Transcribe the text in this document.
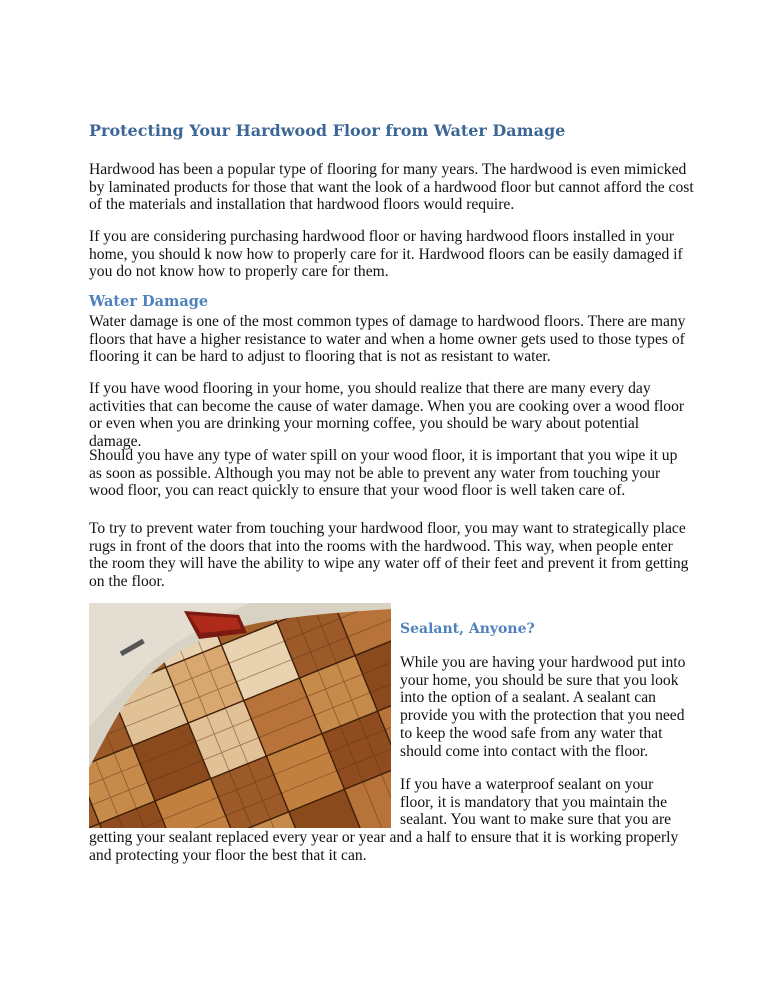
Protecting Your Hardwood Floor from Water Damage

Hardwood has been a popular type of flooring for many years. The hardwood is even mimicked by laminated products for those that want the look of a hardwood floor but cannot afford the cost of the materials and installation that hardwood floors would require.

If you are considering purchasing hardwood floor or having hardwood floors installed in your home, you should k now how to properly care for it. Hardwood floors can be easily damaged if you do not know how to properly care for them.

Water Damage

Water damage is one of the most common types of damage to hardwood floors. There are many floors that have a higher resistance to water and when a home owner gets used to those types of flooring it can be hard to adjust to flooring that is not as resistant to water.

If you have wood flooring in your home, you should realize that there are many every day activities that can become the cause of water damage. When you are cooking over a wood floor or even when you are drinking your morning coffee, you should be wary about potential damage.

Should you have any type of water spill on your wood floor, it is important that you wipe it up as soon as possible. Although you may not be able to prevent any water from touching your wood floor, you can react quickly to ensure that your wood floor is well taken care of.

To try to prevent water from touching your hardwood floor, you may want to strategically place rugs in front of the doors that into the rooms with the hardwood. This way, when people enter the room they will have the ability to wipe any water off of their feet and prevent it from getting on the floor.

Sealant, Anyone?

While you are having your hardwood put into your home, you should be sure that you look into the option of a sealant. A sealant can provide you with the protection that you need to keep the wood safe from any water that should come into contact with the floor.

If you have a waterproof sealant on your floor, it is mandatory that you maintain the sealant. You want to make sure that you are

getting your sealant replaced every year or year and a half to ensure that it is working properly and protecting your floor the best that it can.
